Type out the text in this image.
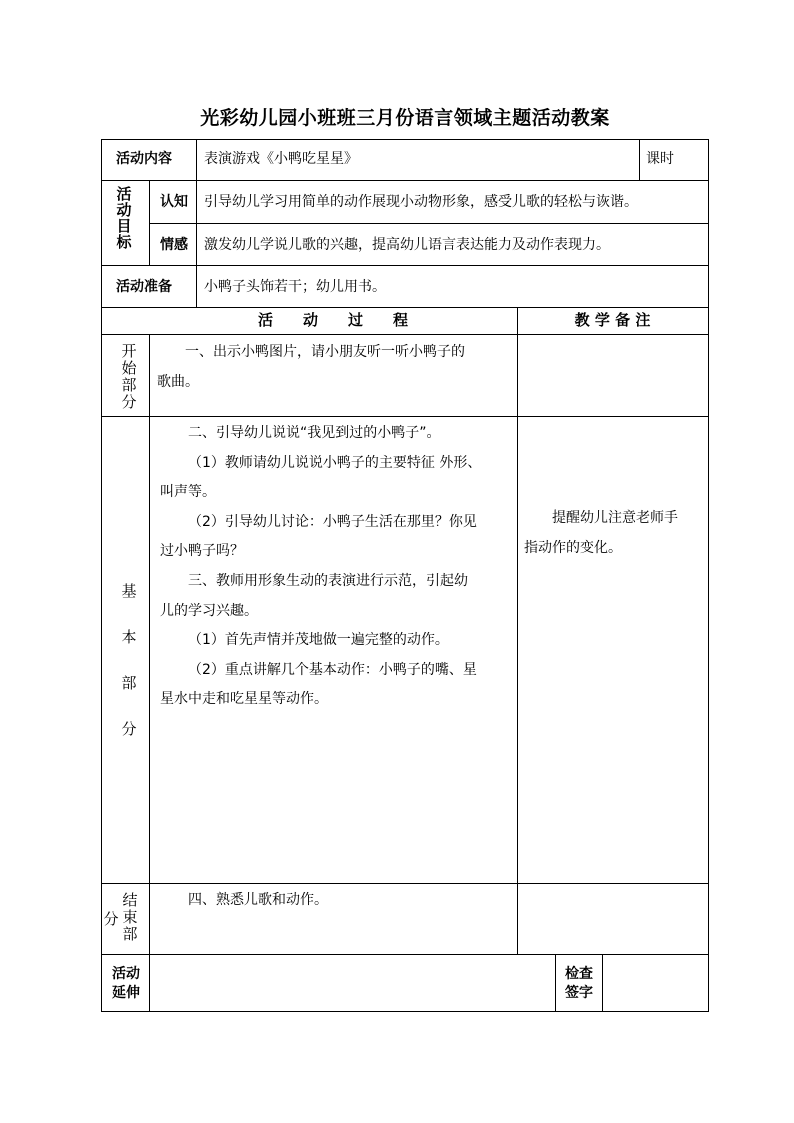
光彩幼儿园小班班三月份语言领域主题活动教案
活动内容 表演游戏《小鸭吃星星》	课时
活
动
目
标
认知 引导幼儿学习用简单的动作展现小动物形象，感受儿歌的轻松与诙谐。
情感 激发幼儿学说儿歌的兴趣，提高幼儿语言表达能力及动作表现力。
活动准备 小鸭子头饰若干；幼儿用书。
活　　动　　过　　程	教 学 备 注
开
始
部
分

一、出示小鸭图片，请小朋友听一听小鸭子的

歌曲。

基
本
部
分

二、引导幼儿说说“我见到过的小鸭子”。

（1）教师请幼儿说说小鸭子的主要特征 外形、

叫声等。

（2）引导幼儿讨论：小鸭子生活在那里？你见

过小鸭子吗？

三、教师用形象生动的表演进行示范，引起幼

儿的学习兴趣。

（1）首先声情并茂地做一遍完整的动作。

（2）重点讲解几个基本动作：小鸭子的嘴、星

星水中走和吃星星等动作。

提醒幼儿注意老师手

指动作的变化。

结
束
部
分
四、熟悉儿歌和动作。
活动
延伸
检查
签字
